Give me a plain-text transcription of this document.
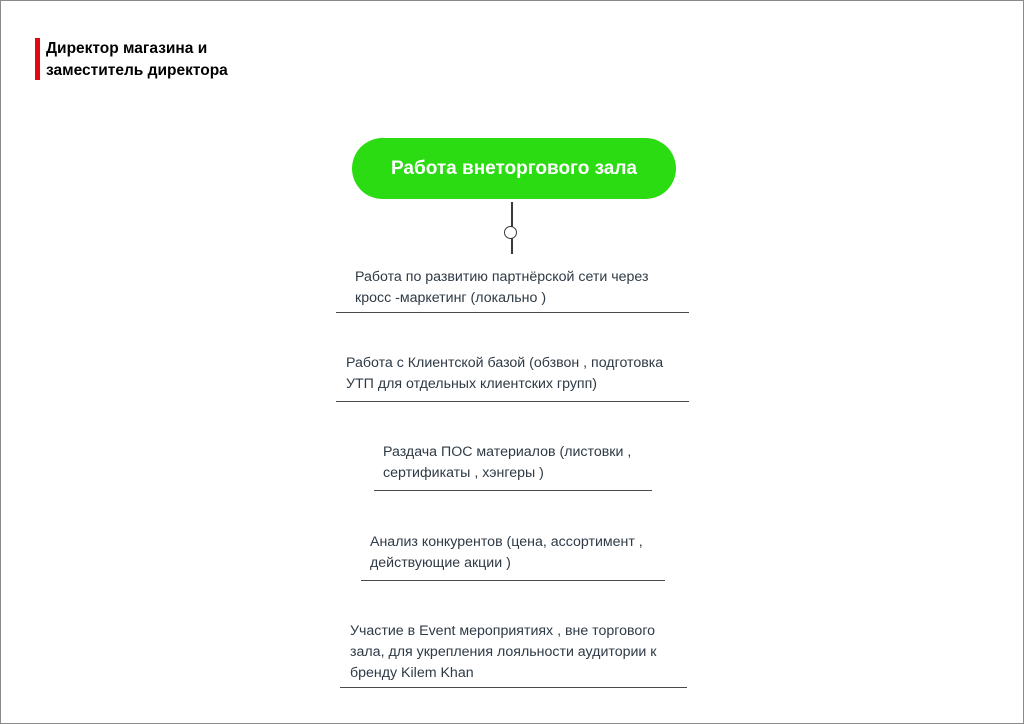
Директор магазина и
заместитель директора
Работа внеторгового зала
Работа по развитию партнёрской сети через
кросс -маркетинг (локально )
Работа с Клиентской базой (обзвон , подготовка
УТП для отдельных клиентских групп)
Раздача ПОС материалов (листовки ,
сертификаты , хэнгеры )
Анализ конкурентов (цена, ассортимент ,
действующие акции )
Участие в Event мероприятиях , вне торгового
зала, для укрепления лояльности аудитории к
бренду Kilem Khan
